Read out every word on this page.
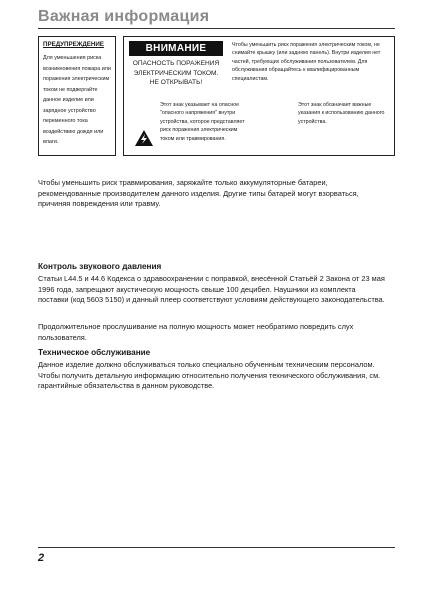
Важная информация
ПРЕДУПРЕЖДЕНИЕ
Для уменьшения риска возникновения пожара или поражения электрическим током не подвергайте данное изделие или зарядное устройство переменного тока воздействию дождя или влаги.
ВНИМАНИЕ
ОПАСНОСТЬ ПОРАЖЕНИЯ
ЭЛЕКТРИЧЕСКИМ ТОКОМ.
НЕ ОТКРЫВАТЬ!
Чтобы уменьшить риск поражения электрическим током, не снимайте крышку (или заднюю панель). Внутри изделия нет частей, требующих обслуживания пользователем. Для обслуживания обращайтесь к квалифицированным специалистам.
Этот знак указывает на опасное "опасного напряжения" внутри устройства, которое представляет риск поражения электрическим током или травмирования.
Этот знак обозначает важные указания к использованию данного устройства.
Чтобы уменьшить риск травмирования, заряжайте только аккумуляторные батареи, рекомендованные производителем данного изделия. Другие типы батарей могут взорваться, причиняя повреждения или травму.
Контроль звукового давления
Статьи L44.5 и 44.6 Кодекса о здравоохранении с поправкой, внесённой Статьёй 2 Закона от 23 мая 1996 года, запрещают акустическую мощность свыше 100 децибел. Наушники из комплекта поставки (код 5603 5150) и данный плеер соответствуют условиям действующего законодательства.
Продолжительное прослушивание на полную мощность может необратимо повредить слух пользователя.
Техническое обслуживание
Данное изделие должно обслуживаться только специально обученным техническим персоналом. Чтобы получить детальную информацию относительно получения технического обслуживания, см. гарантийные обязательства в данном руководстве.
2
